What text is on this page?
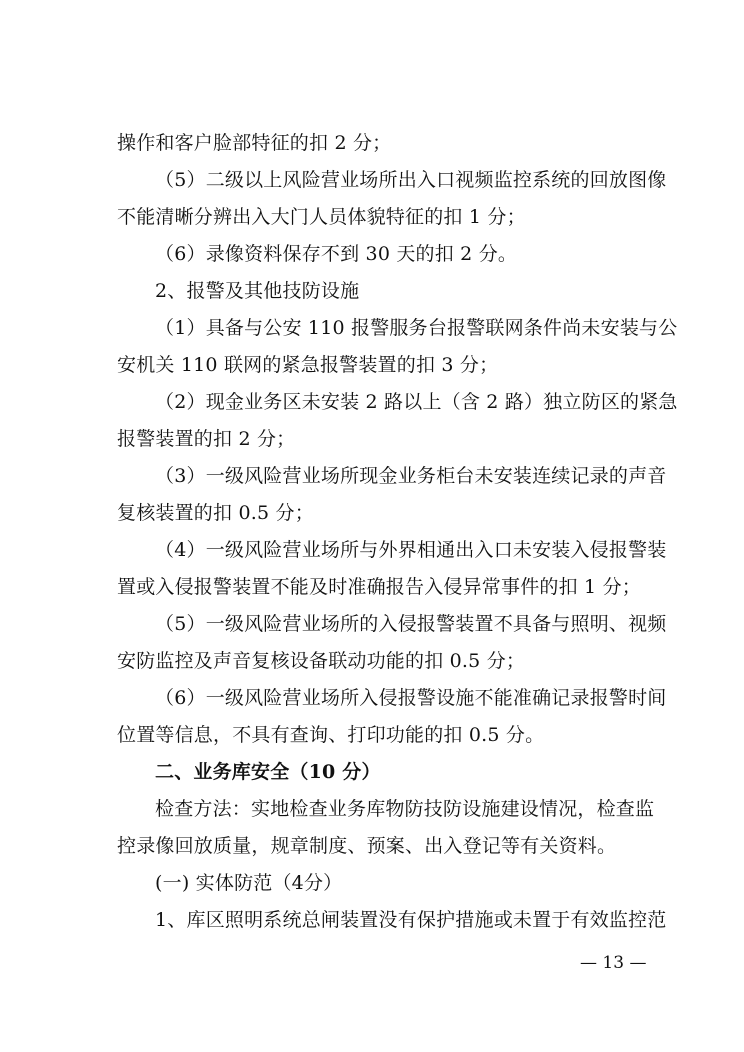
操作和客户脸部特征的扣 2 分；
（5）二级以上风险营业场所出入口视频监控系统的回放图像
不能清晰分辨出入大门人员体貌特征的扣 1 分；
（6）录像资料保存不到 30 天的扣 2 分。
2、报警及其他技防设施
（1）具备与公安 110 报警服务台报警联网条件尚未安装与公
安机关 110 联网的紧急报警装置的扣 3 分；
（2）现金业务区未安装 2 路以上（含 2 路）独立防区的紧急
报警装置的扣 2 分；
（3）一级风险营业场所现金业务柜台未安装连续记录的声音
复核装置的扣 0.5 分；
（4）一级风险营业场所与外界相通出入口未安装入侵报警装
置或入侵报警装置不能及时准确报告入侵异常事件的扣 1 分；
（5）一级风险营业场所的入侵报警装置不具备与照明、视频
安防监控及声音复核设备联动功能的扣 0.5 分；
（6）一级风险营业场所入侵报警设施不能准确记录报警时间
位置等信息，不具有查询、打印功能的扣 0.5 分。
二、业务库安全（10 分）
检查方法：实地检查业务库物防技防设施建设情况，检查监
控录像回放质量，规章制度、预案、出入登记等有关资料。
(一) 实体防范（4分）
1、库区照明系统总闸装置没有保护措施或未置于有效监控范
— 13 —
